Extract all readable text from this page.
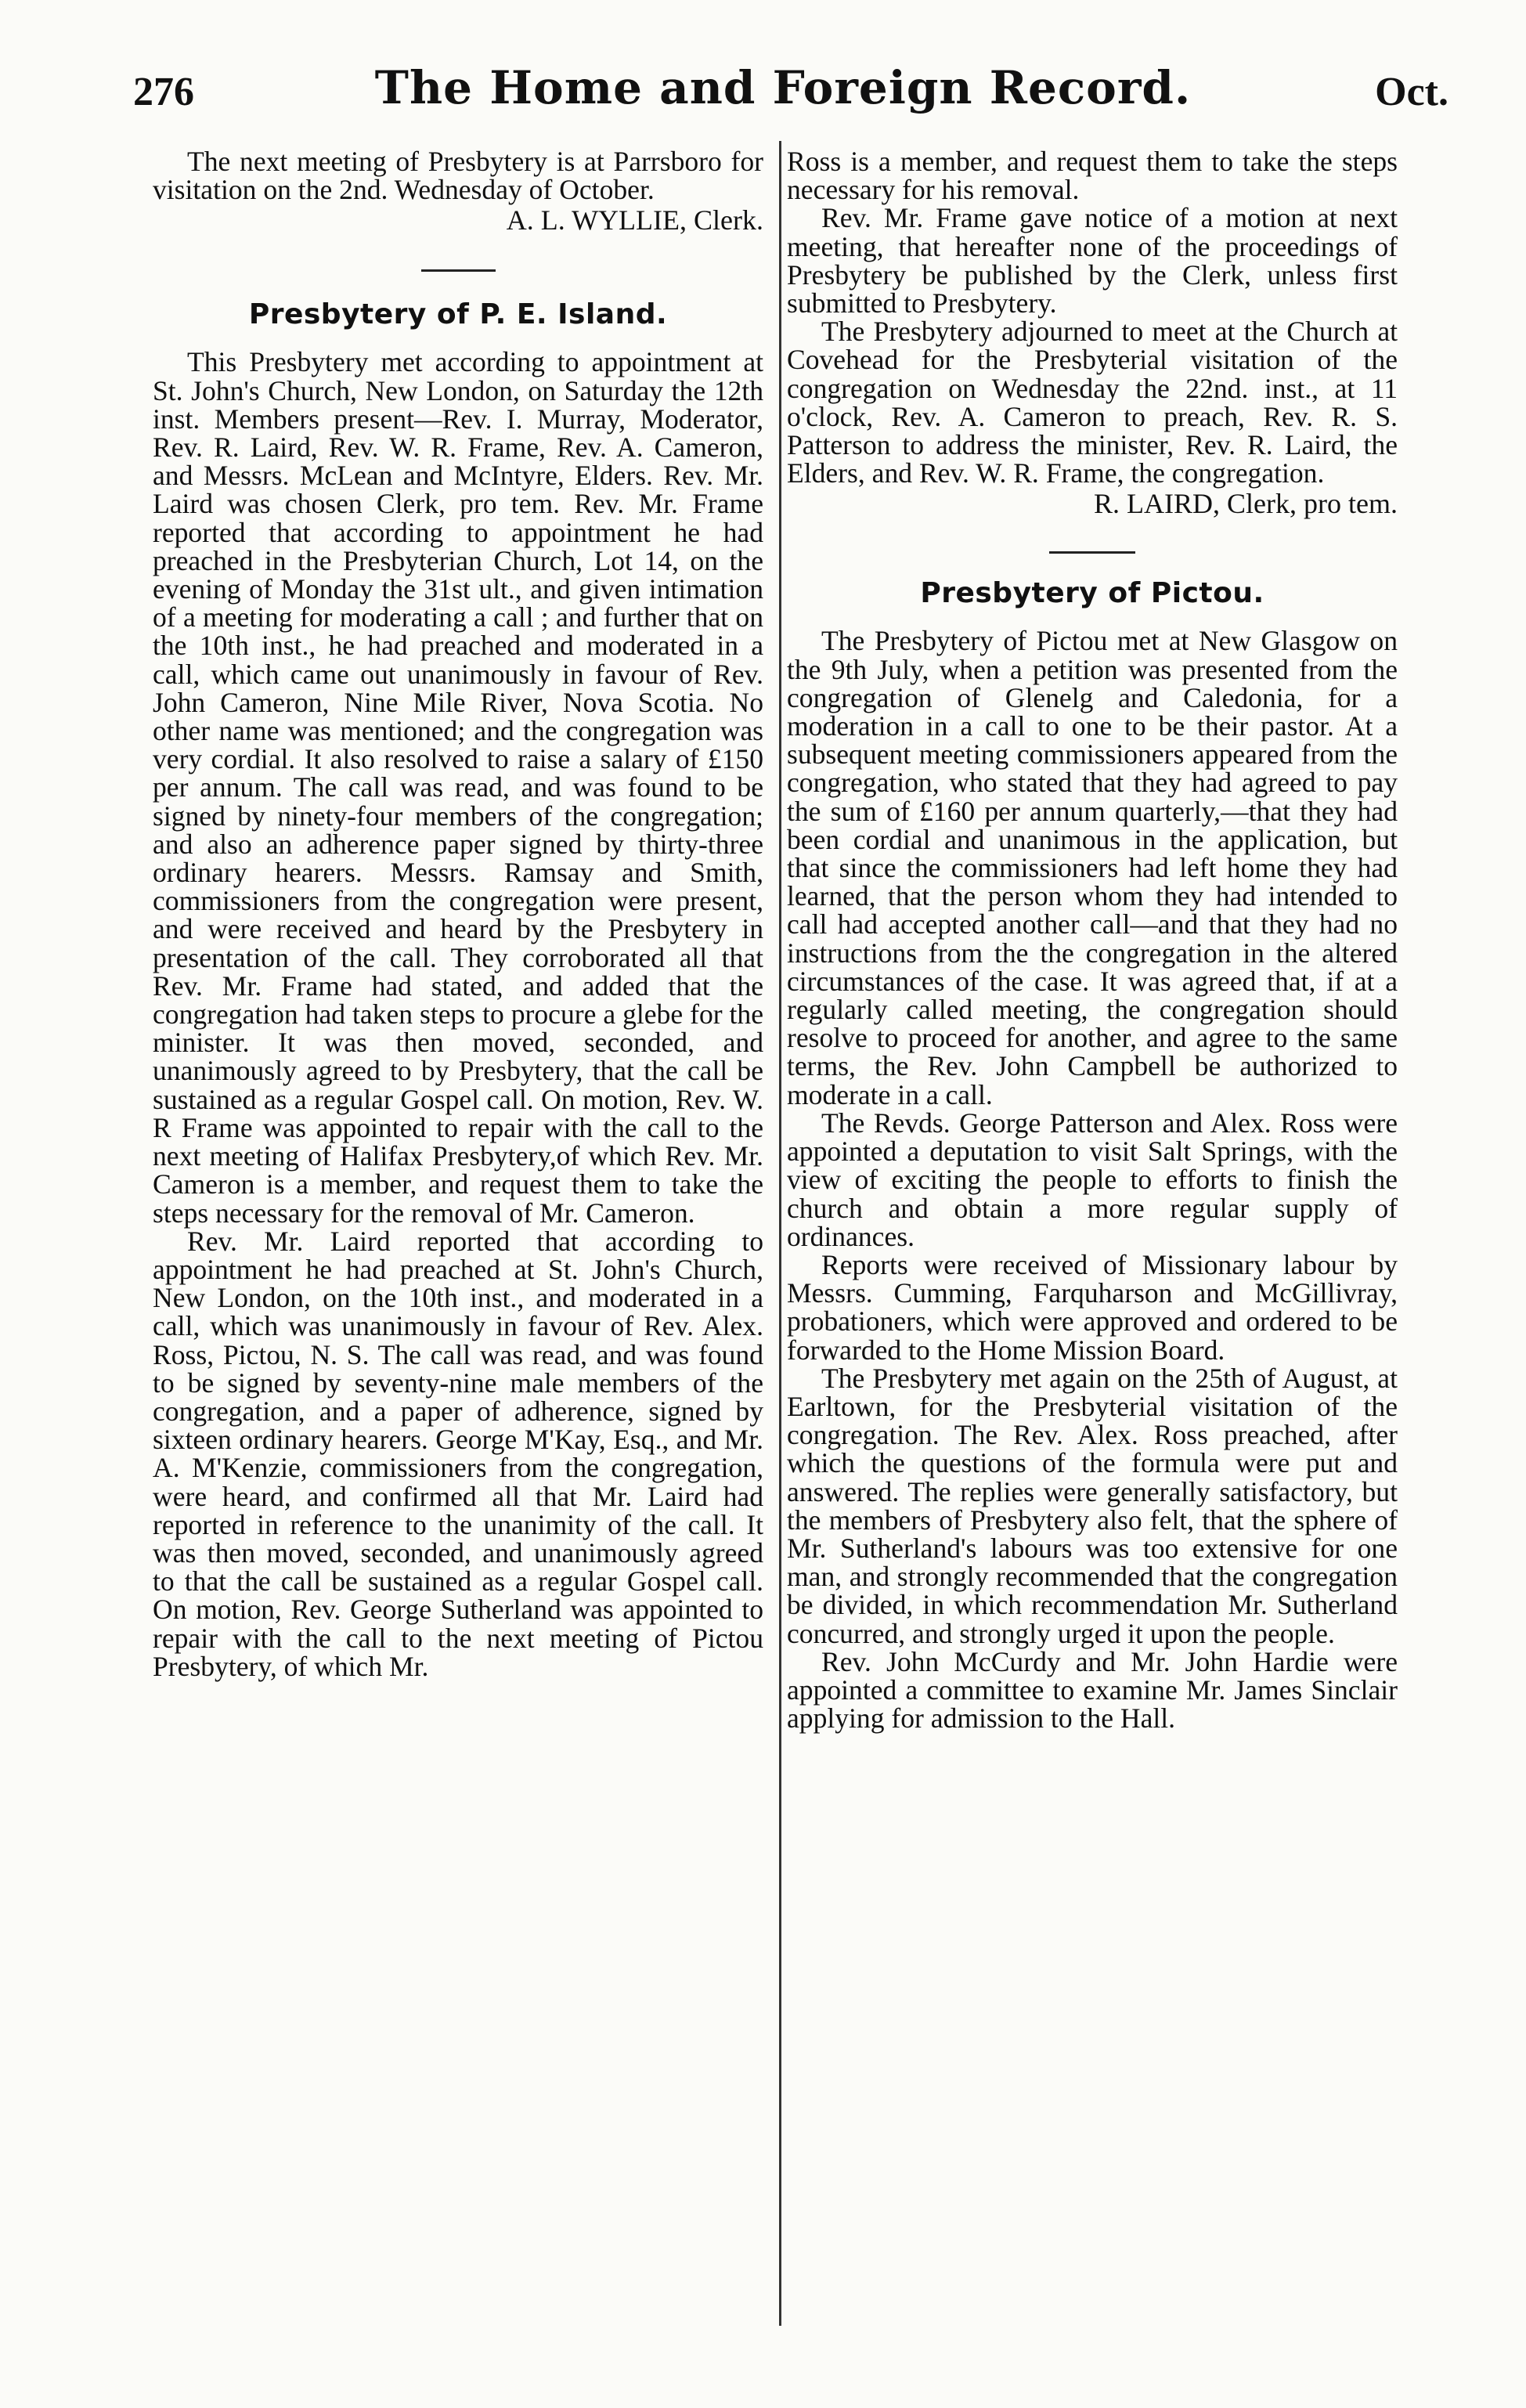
276	The Home and Foreign Record.	Oct.

The next meeting of Presbytery is at Parrsboro for visitation on the 2nd. Wednesday of October.

A. L. WYLLIE, Clerk.

Presbytery of P. E. Island.

This Presbytery met according to appointment at St. John's Church, New London, on Saturday the 12th inst. Members present—Rev. I. Murray, Moderator, Rev. R. Laird, Rev. W. R. Frame, Rev. A. Cameron, and Messrs. McLean and McIntyre, Elders. Rev. Mr. Laird was chosen Clerk, pro tem. Rev. Mr. Frame reported that according to appointment he had preached in the Presbyterian Church, Lot 14, on the evening of Monday the 31st ult., and given intimation of a meeting for moderating a call ; and further that on the 10th inst., he had preached and moderated in a call, which came out unanimously in favour of Rev. John Cameron, Nine Mile River, Nova Scotia. No other name was mentioned; and the congregation was very cordial. It also resolved to raise a salary of £150 per annum. The call was read, and was found to be signed by ninety-four members of the congregation; and also an adherence paper signed by thirty-three ordinary hearers. Messrs. Ramsay and Smith, commissioners from the congregation were present, and were received and heard by the Presbytery in presentation of the call. They corroborated all that Rev. Mr. Frame had stated, and added that the congregation had taken steps to procure a glebe for the minister. It was then moved, seconded, and unanimously agreed to by Presbytery, that the call be sustained as a regular Gospel call. On motion, Rev. W. R Frame was appointed to repair with the call to the next meeting of Halifax Presbytery,of which Rev. Mr. Cameron is a member, and request them to take the steps necessary for the removal of Mr. Cameron.

Rev. Mr. Laird reported that according to appointment he had preached at St. John's Church, New London, on the 10th inst., and moderated in a call, which was unanimously in favour of Rev. Alex. Ross, Pictou, N. S. The call was read, and was found to be signed by seventy-nine male members of the congregation, and a paper of adherence, signed by sixteen ordinary hearers. George M'Kay, Esq., and Mr. A. M'Kenzie, commissioners from the congregation, were heard, and confirmed all that Mr. Laird had reported in reference to the unanimity of the call. It was then moved, seconded, and unanimously agreed to that the call be sustained as a regular Gospel call. On motion, Rev. George Sutherland was appointed to repair with the call to the next meeting of Pictou Presbytery, of which Mr.

Ross is a member, and request them to take the steps necessary for his removal.

Rev. Mr. Frame gave notice of a motion at next meeting, that hereafter none of the proceedings of Presbytery be published by the Clerk, unless first submitted to Presbytery.

The Presbytery adjourned to meet at the Church at Covehead for the Presbyterial visitation of the congregation on Wednesday the 22nd. inst., at 11 o'clock, Rev. A. Cameron to preach, Rev. R. S. Patterson to address the minister, Rev. R. Laird, the Elders, and Rev. W. R. Frame, the congregation.

R. LAIRD, Clerk, pro tem.

Presbytery of Pictou.

The Presbytery of Pictou met at New Glasgow on the 9th July, when a petition was presented from the congregation of Glenelg and Caledonia, for a moderation in a call to one to be their pastor. At a subsequent meeting commissioners appeared from the congregation, who stated that they had agreed to pay the sum of £160 per annum quarterly,—that they had been cordial and unanimous in the application, but that since the commissioners had left home they had learned, that the person whom they had intended to call had accepted another call—and that they had no instructions from the the congregation in the altered circumstances of the case. It was agreed that, if at a regularly called meeting, the congregation should resolve to proceed for another, and agree to the same terms, the Rev. John Campbell be authorized to moderate in a call.

The Revds. George Patterson and Alex. Ross were appointed a deputation to visit Salt Springs, with the view of exciting the people to efforts to finish the church and obtain a more regular supply of ordinances.

Reports were received of Missionary labour by Messrs. Cumming, Farquharson and McGillivray, probationers, which were approved and ordered to be forwarded to the Home Mission Board.

The Presbytery met again on the 25th of August, at Earltown, for the Presbyterial visitation of the congregation. The Rev. Alex. Ross preached, after which the questions of the formula were put and answered. The replies were generally satisfactory, but the members of Presbytery also felt, that the sphere of Mr. Sutherland's labours was too extensive for one man, and strongly recommended that the congregation be divided, in which recommendation Mr. Sutherland concurred, and strongly urged it upon the people.

Rev. John McCurdy and Mr. John Hardie were appointed a committee to examine Mr. James Sinclair applying for admission to the Hall.
